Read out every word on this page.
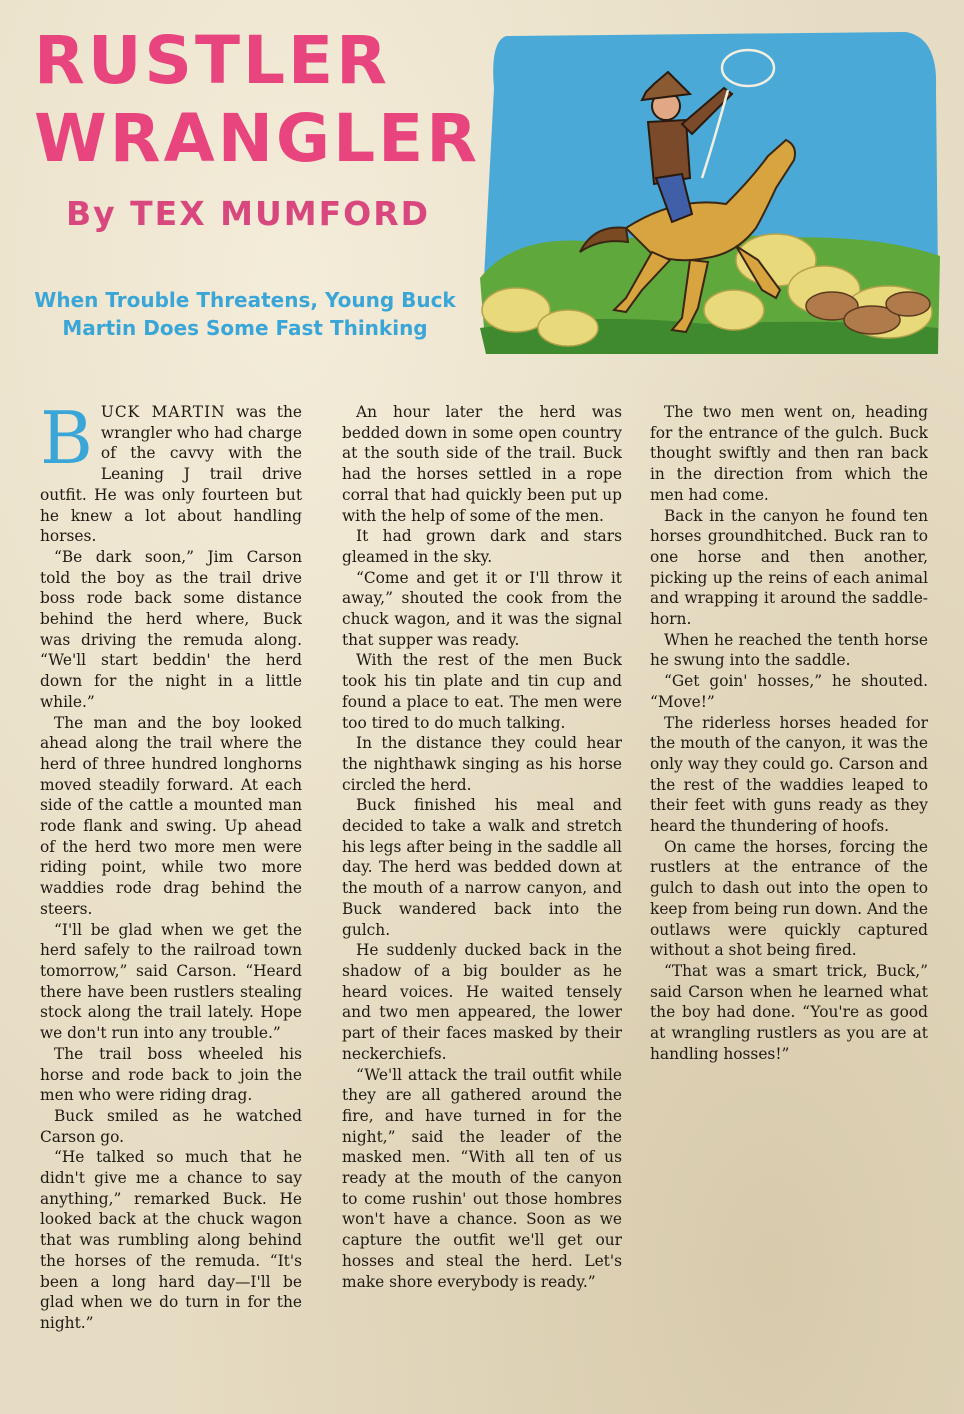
RUSTLER
WRANGLER
By TEX MUMFORD
When Trouble Threatens, Young Buck Martin Does Some Fast Thinking

BUCK MARTIN was the wrangler who had charge of the cavvy with the Leaning J trail drive outfit. He was only fourteen but he knew a lot about handling horses.

“Be dark soon,” Jim Carson told the boy as the trail drive boss rode back some distance behind the herd where, Buck was driving the remuda along. “We'll start beddin' the herd down for the night in a little while.”

The man and the boy looked ahead along the trail where the herd of three hundred longhorns moved steadily forward. At each side of the cattle a mounted man rode flank and swing. Up ahead of the herd two more men were riding point, while two more waddies rode drag behind the steers.

“I'll be glad when we get the herd safely to the railroad town tomorrow,” said Carson. “Heard there have been rustlers stealing stock along the trail lately. Hope we don't run into any trouble.”

The trail boss wheeled his horse and rode back to join the men who were riding drag.

Buck smiled as he watched Carson go.

“He talked so much that he didn't give me a chance to say anything,” remarked Buck. He looked back at the chuck wagon that was rumbling along behind the horses of the remuda. “It's been a long hard day—I'll be glad when we do turn in for the night.”

An hour later the herd was bedded down in some open country at the south side of the trail. Buck had the horses settled in a rope corral that had quickly been put up with the help of some of the men.

It had grown dark and stars gleamed in the sky.

“Come and get it or I'll throw it away,” shouted the cook from the chuck wagon, and it was the signal that supper was ready.

With the rest of the men Buck took his tin plate and tin cup and found a place to eat. The men were too tired to do much talking.

In the distance they could hear the nighthawk singing as his horse circled the herd.

Buck finished his meal and decided to take a walk and stretch his legs after being in the saddle all day. The herd was bedded down at the mouth of a narrow canyon, and Buck wandered back into the gulch.

He suddenly ducked back in the shadow of a big boulder as he heard voices. He waited tensely and two men appeared, the lower part of their faces masked by their neckerchiefs.

“We'll attack the trail outfit while they are all gathered around the fire, and have turned in for the night,” said the leader of the masked men. “With all ten of us ready at the mouth of the canyon to come rushin' out those hombres won't have a chance. Soon as we capture the outfit we'll get our hosses and steal the herd. Let's make shore everybody is ready.”

The two men went on, heading for the entrance of the gulch. Buck thought swiftly and then ran back in the direction from which the men had come.

Back in the canyon he found ten horses groundhitched. Buck ran to one horse and then another, picking up the reins of each animal and wrapping it around the saddle-horn.

When he reached the tenth horse he swung into the saddle.

“Get goin' hosses,” he shouted. “Move!”

The riderless horses headed for the mouth of the canyon, it was the only way they could go. Carson and the rest of the waddies leaped to their feet with guns ready as they heard the thundering of hoofs.

On came the horses, forcing the rustlers at the entrance of the gulch to dash out into the open to keep from being run down. And the outlaws were quickly captured without a shot being fired.

“That was a smart trick, Buck,” said Carson when he learned what the boy had done. “You're as good at wrangling rustlers as you are at handling hosses!”
